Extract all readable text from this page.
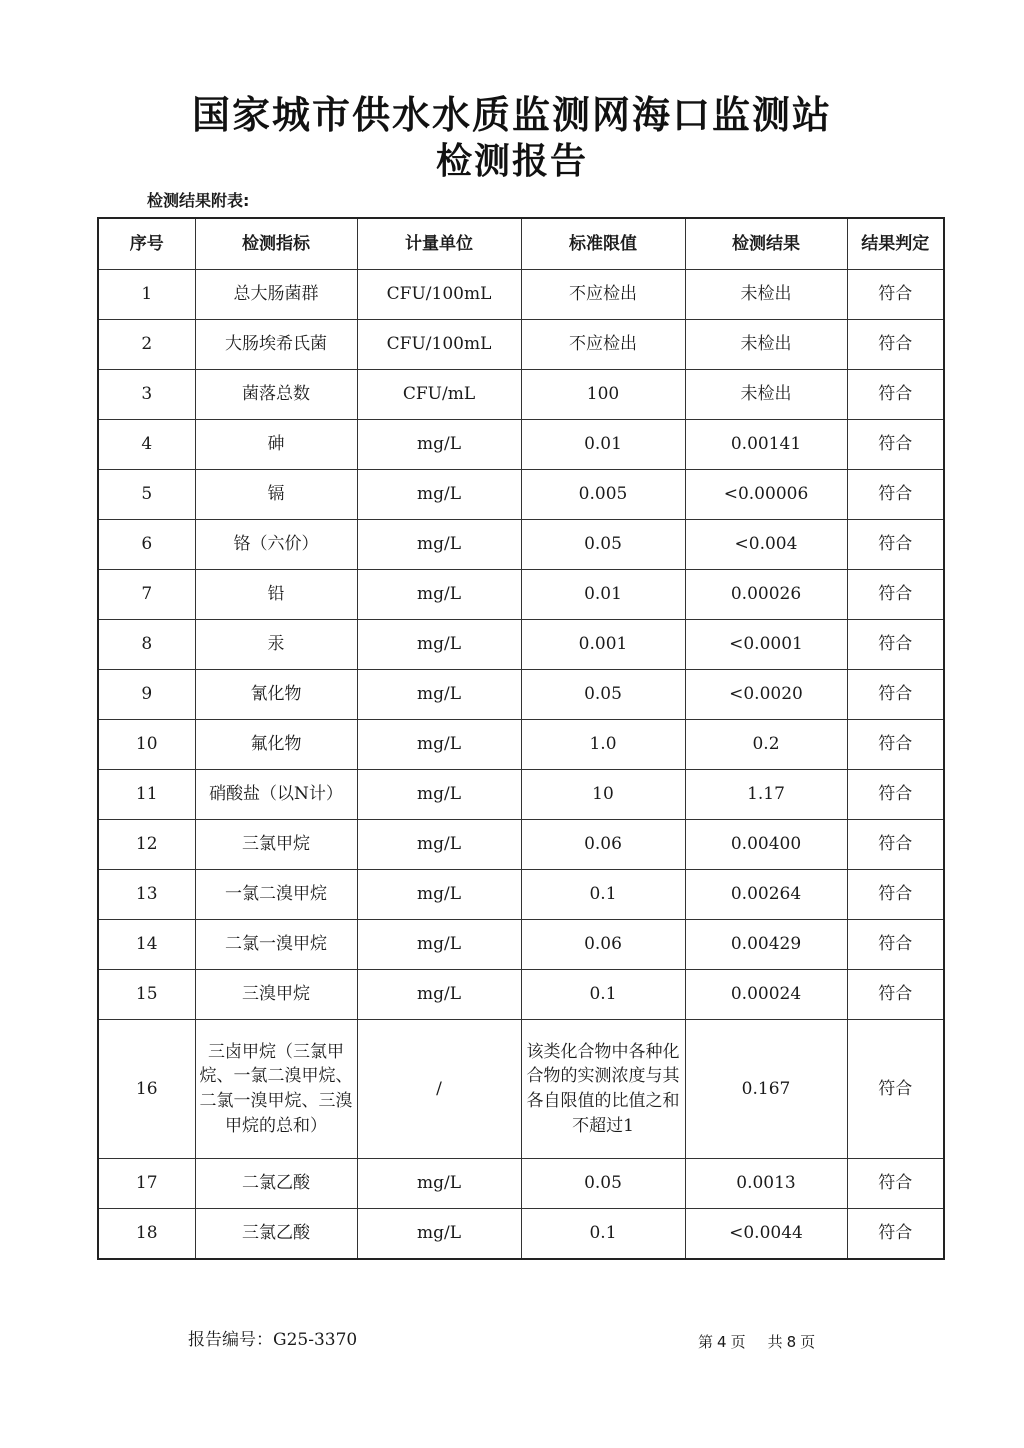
国家城市供水水质监测网海口监测站
检测报告
检测结果附表:
序号	检测指标	计量单位	标准限值	检测结果	结果判定
1	总大肠菌群	CFU/100mL	不应检出	未检出	符合
2	大肠埃希氏菌	CFU/100mL	不应检出	未检出	符合
3	菌落总数	CFU/mL	100	未检出	符合
4	砷	mg/L	0.01	0.00141	符合
5	镉	mg/L	0.005	<0.00006	符合
6	铬（六价）	mg/L	0.05	<0.004	符合
7	铅	mg/L	0.01	0.00026	符合
8	汞	mg/L	0.001	<0.0001	符合
9	氰化物	mg/L	0.05	<0.0020	符合
10	氟化物	mg/L	1.0	0.2	符合
11	硝酸盐（以N计）	mg/L	10	1.17	符合
12	三氯甲烷	mg/L	0.06	0.00400	符合
13	一氯二溴甲烷	mg/L	0.1	0.00264	符合
14	二氯一溴甲烷	mg/L	0.06	0.00429	符合
15	三溴甲烷	mg/L	0.1	0.00024	符合
16	三卤甲烷（三氯甲烷、一氯二溴甲烷、二氯一溴甲烷、三溴甲烷的总和）	/	该类化合物中各种化合物的实测浓度与其各自限值的比值之和不超过1	0.167	符合
17	二氯乙酸	mg/L	0.05	0.0013	符合
18	三氯乙酸	mg/L	0.1	<0.0044	符合
报告编号：G25-3370	第 4 页 共 8 页
